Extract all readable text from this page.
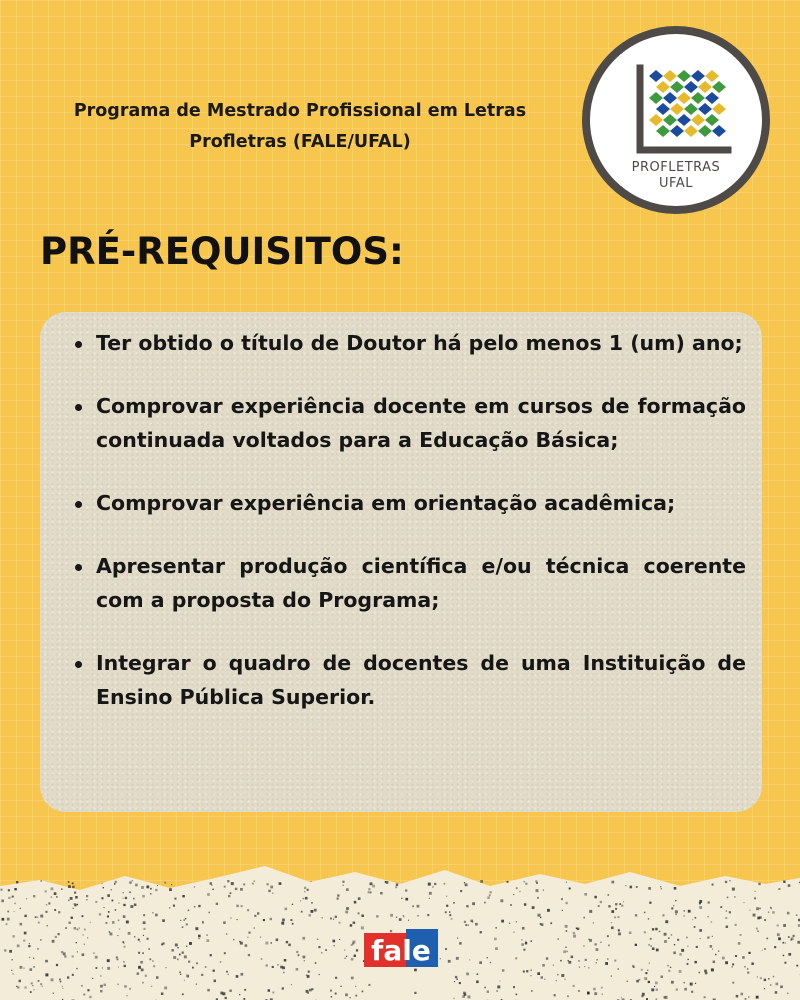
Programa de Mestrado Profissional em Letras
Profletras (FALE/UFAL)
PROFLETRAS
UFAL
PRÉ-REQUISITOS:
Ter obtido o título de Doutor há pelo menos 1 (um) ano;
Comprovar experiência docente em cursos de formação continuada voltados para a Educação Básica;
Comprovar experiência em orientação acadêmica;
Apresentar produção científica e/ou técnica coerente com a proposta do Programa;
Integrar o quadro de docentes de uma Instituição de Ensino Pública Superior.
fale
